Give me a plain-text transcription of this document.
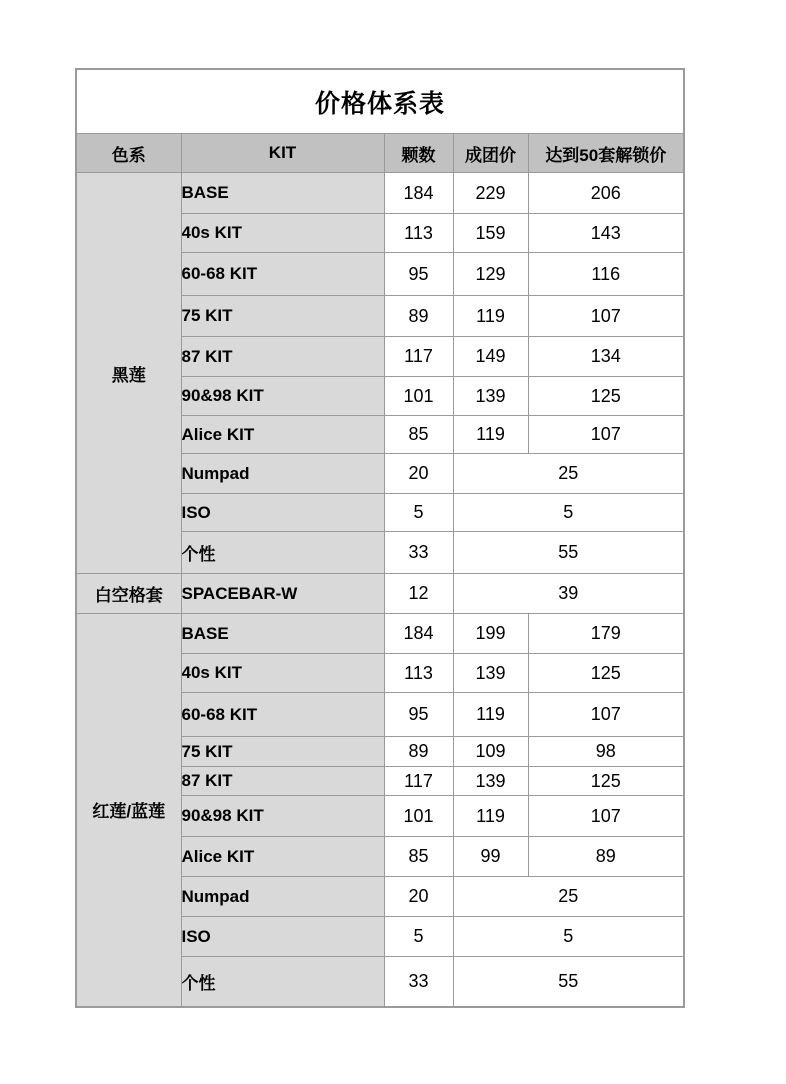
价格体系表				
色系	KIT	颗数	成团价	达到50套解锁价
黑莲	BASE	184	229	206
	40s KIT	113	159	143
	60-68 KIT	95	129	116
	75 KIT	89	119	107
	87 KIT	117	149	134
	90&98 KIT	101	139	125
	Alice KIT	85	119	107
	Numpad	20	25	
	ISO	5	5	
	个性	33	55	
白空格套	SPACEBAR-W	12	39	
红莲/蓝莲	BASE	184	199	179
	40s KIT	113	139	125
	60-68 KIT	95	119	107
	75 KIT	89	109	98
	87 KIT	117	139	125
	90&98 KIT	101	119	107
	Alice KIT	85	99	89
	Numpad	20	25	
	ISO	5	5	
	个性	33	55	
